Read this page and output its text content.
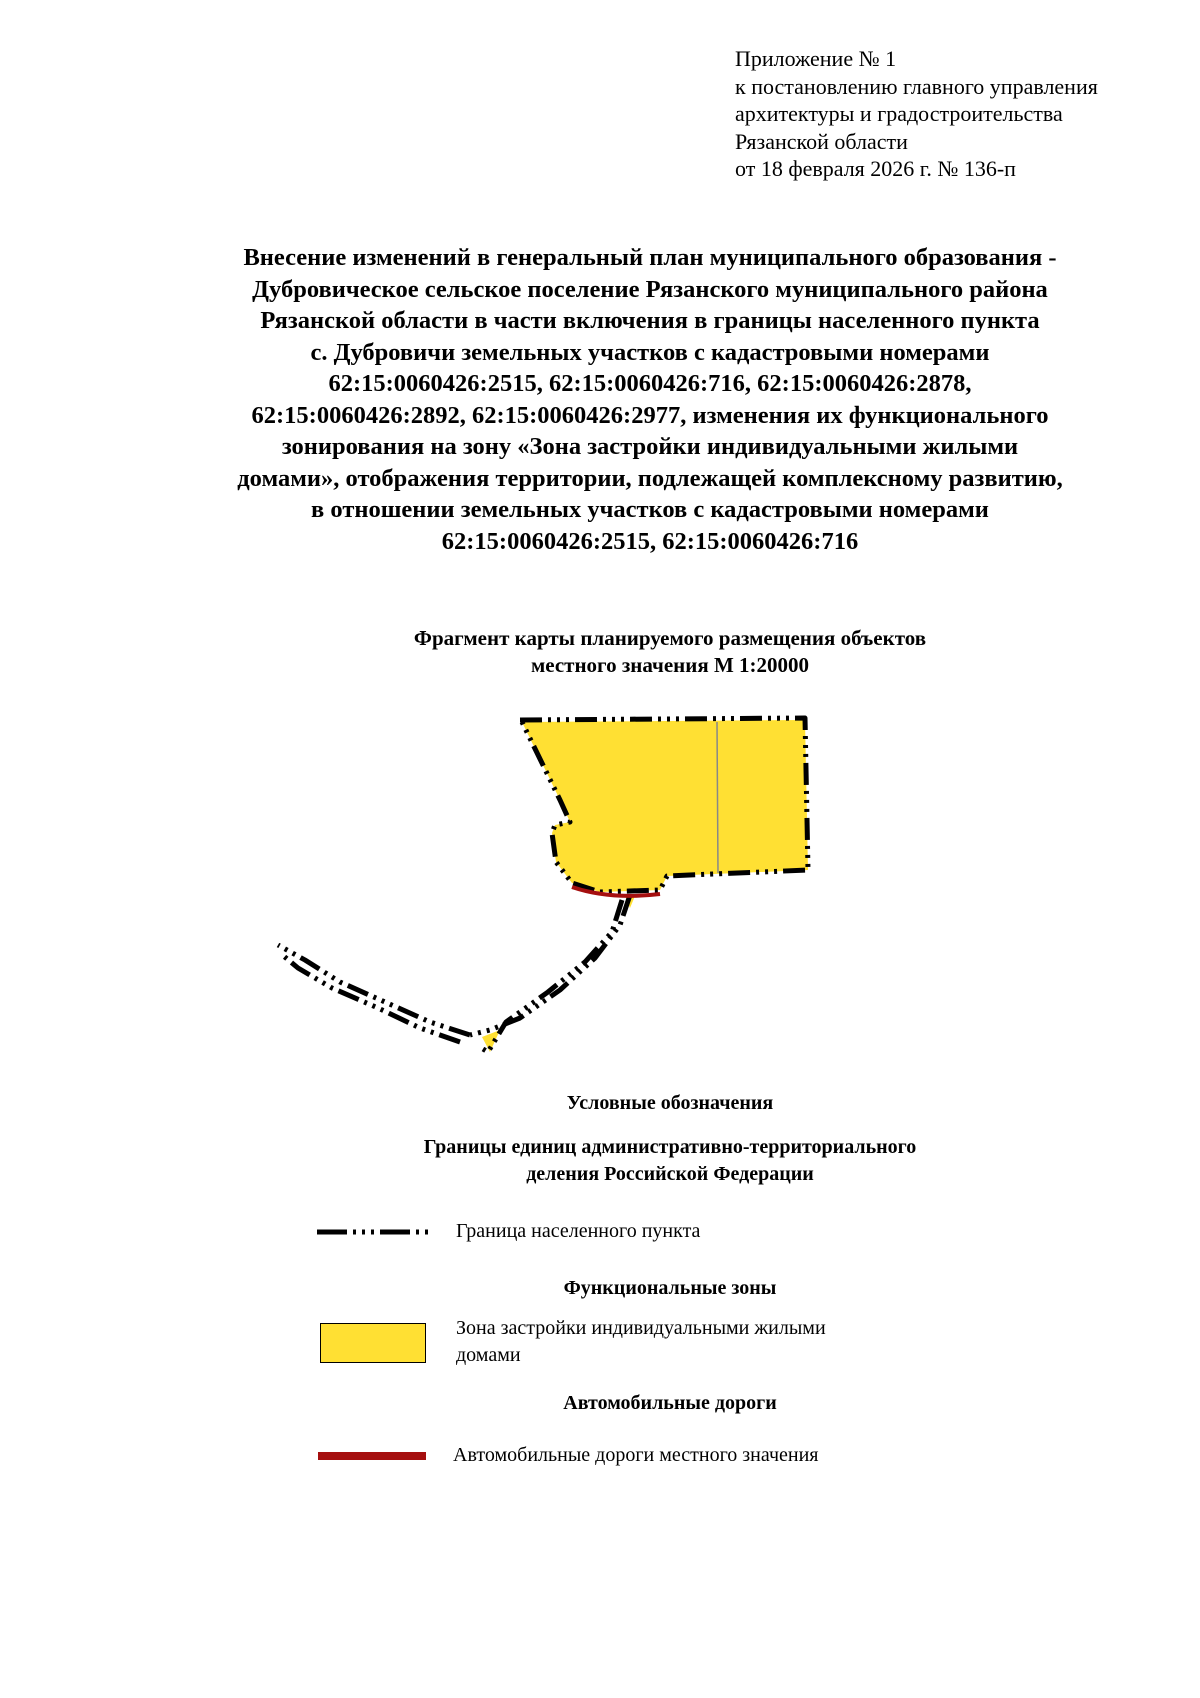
Приложение № 1
к постановлению главного управления
архитектуры и градостроительства
Рязанской области
от 18 февраля 2026 г. № 136-п
Внесение изменений в генеральный план муниципального образования -
Дубровическое сельское поселение Рязанского муниципального района
Рязанской области в части включения в границы населенного пункта
с. Дубровичи земельных участков с кадастровыми номерами
62:15:0060426:2515, 62:15:0060426:716, 62:15:0060426:2878,
62:15:0060426:2892, 62:15:0060426:2977, изменения их функционального
зонирования на зону «Зона застройки индивидуальными жилыми
домами», отображения территории, подлежащей комплексному развитию,
в отношении земельных участков с кадастровыми номерами
62:15:0060426:2515, 62:15:0060426:716
Фрагмент карты планируемого размещения объектов
местного значения М 1:20000
Условные обозначения
Границы единиц административно-территориального
деления Российской Федерации
Граница населенного пункта
Функциональные зоны
Зона застройки индивидуальными жилыми
домами
Автомобильные дороги
Автомобильные дороги местного значения
